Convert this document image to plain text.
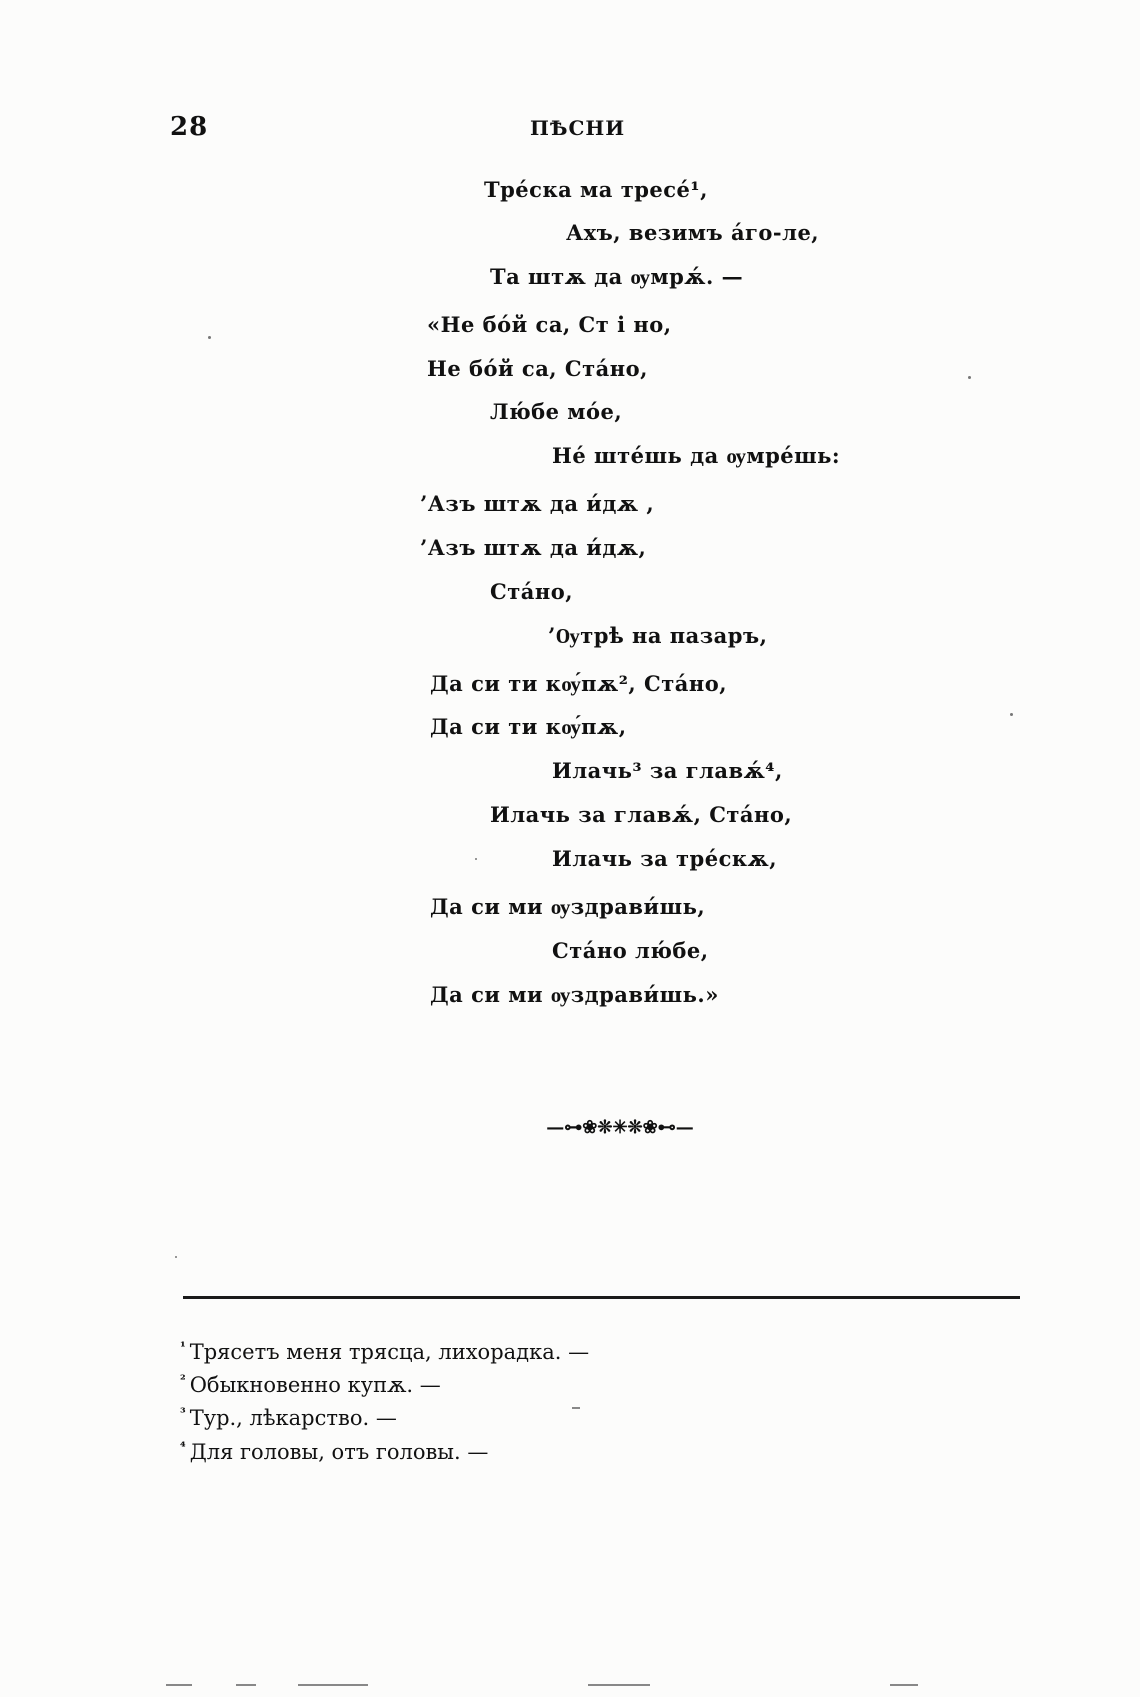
28	ПѢСНИ
Тре́ска ма тресе́¹,
Ахъ, везимъ а́го-ле,
Та штѫ да ѹмрѫ́. —
«Не бо́й са, Ст і но,
Не бо́й са, Ста́но,
Лю́бе мо́е,
Не́ ште́шь да ѹмре́шь:
’Азъ штѫ да и́дѫ ,
’Азъ штѫ да и́дѫ,
Ста́но,
’Ѹтрѣ на пазаръ,
Да си ти кѹ́пѫ², Ста́но,
Да си ти кѹ́пѫ,
Илачь³ за главѫ́⁴,
Илачь за главѫ́, Ста́но,
Илачь за тре́скѫ,
Да си ми ѹздрави́шь,
Ста́но лю́бе,
Да си ми ѹздрави́шь.»
—⊶❀❊✳❊❀⊷—
$^{^1}$ Трясетъ меня трясца, лихорадка. —
$^{^2}$ Обыкновенно купѫ. —
$^{^3}$ Тур., лѣкарство. —
$^{^4}$ Для головы, отъ головы. —
